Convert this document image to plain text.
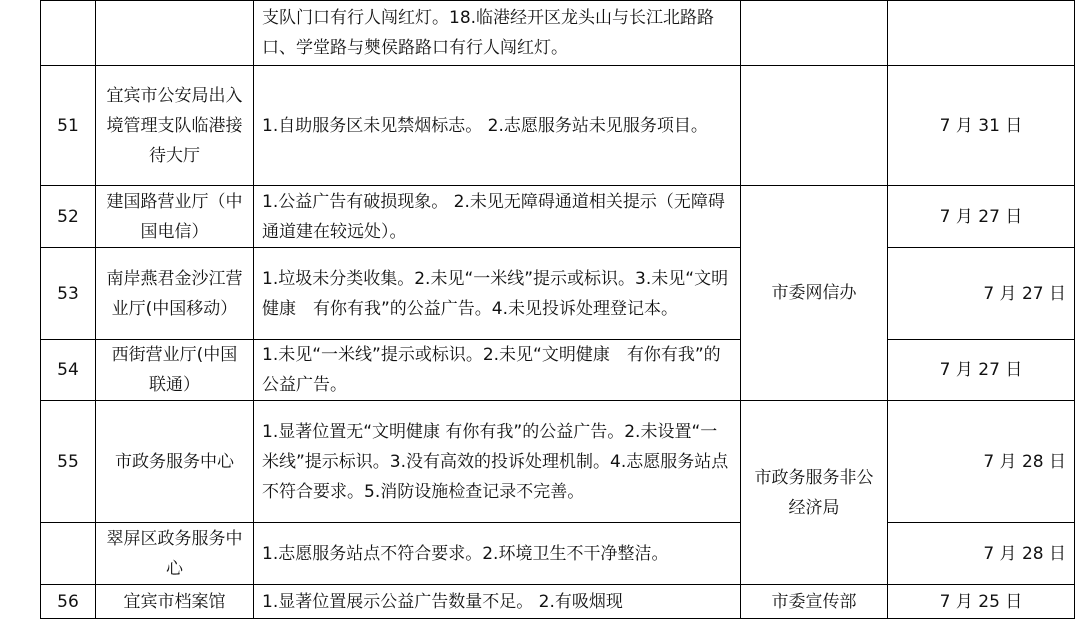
		支队门口有行人闯红灯。18.临港经开区龙头山与长江北路路口、学堂路与僰侯路路口有行人闯红灯。		
51	宜宾市公安局出入境管理支队临港接待大厅	1.自助服务区未见禁烟标志。 2.志愿服务站未见服务项目。		7 月 31 日
52	建国路营业厅（中国电信）	1.公益广告有破损现象。 2.未见无障碍通道相关提示（无障碍通道建在较远处）。	市委网信办	7 月 27 日
53	南岸燕君金沙江营业厅(中国移动）	1.垃圾未分类收集。2.未见“一米线”提示或标识。3.未见“文明健康　有你有我”的公益广告。4.未见投诉处理登记本。		7 月 27 日
54	西街营业厅(中国联通）	1.未见“一米线”提示或标识。2.未见“文明健康　有你有我”的公益广告。		7 月 27 日
55	市政务服务中心	1.显著位置无“文明健康 有你有我”的公益广告。2.未设置“一米线”提示标识。3.没有高效的投诉处理机制。4.志愿服务站点不符合要求。5.消防设施检查记录不完善。	市政务服务非公经济局	7 月 28 日
	翠屏区政务服务中心	1.志愿服务站点不符合要求。2.环境卫生不干净整洁。		7 月 28 日
56	宜宾市档案馆	1.显著位置展示公益广告数量不足。 2.有吸烟现	市委宣传部	7 月 25 日
